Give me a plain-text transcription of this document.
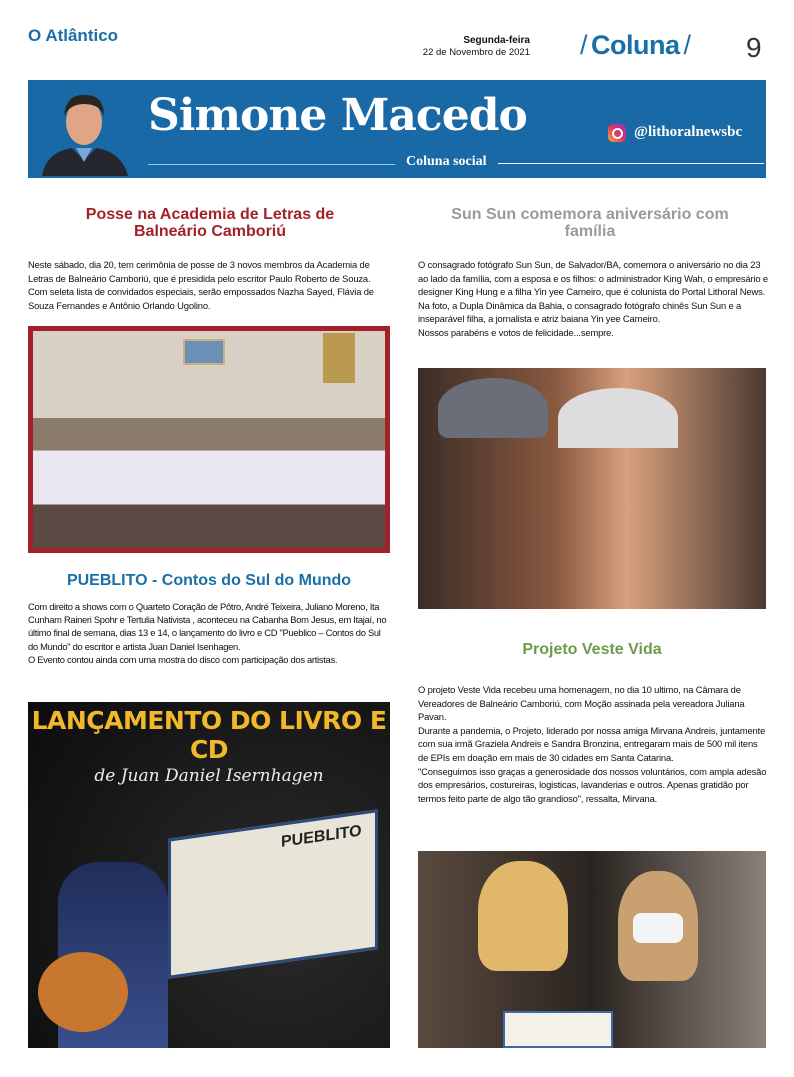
O Atlântico	Segunda-feira
22 de Novembro de 2021 / Coluna / 9
Simone Macedo
Coluna social
@lithoralnewsbc
Posse na Academia de Letras de Balneário Camboriú
Neste sábado, dia 20, tem cerimônia de posse de 3 novos membros da Academia de Letras de Balneário Camboriú, que é presidida pelo escritor Paulo Roberto de Souza. Com seleta lista de convidados especiais, serão empossados Nazha Sayed, Flávia de Souza Fernandes e Antônio Orlando Ugolino.
PUEBLITO - Contos do Sul do Mundo
Com direito a shows com o Quarteto Coração de Pôtro, André Teixeira, Juliano Moreno, Ita Cunham Raineri Spohr e Tertulia Nativista , aconteceu na Cabanha Bom Jesus, em Itajaí, no último final de semana, dias 13 e 14, o lançamento do livro e CD "Pueblico – Contos do Sul do Mundo" do escritor e artista Juan Daniel Isenhagen.
O Evento contou ainda com uma mostra do disco com participação dos artistas.
PUEBLITO
LANÇAMENTO DO LIVRO E CD
de Juan Daniel Isernhagen
Sun Sun comemora aniversário com família
O consagrado fotógrafo Sun Sun, de Salvador/BA, comemora o aniversário no dia 23 ao lado da família, com a esposa e os filhos: o administrador King Wah, o empresário e designer King Hung e a filha Yin yee Carneiro, que é colunista do Portal Lithoral News.
Na foto, a Dupla Dinâmica da Bahia, o consagrado fotógrafo chinês Sun Sun e a inseparável filha, a jornalista e atriz baiana Yin yee Carneiro.
Nossos parabéns e votos de felicidade...sempre.
Projeto Veste Vida
O projeto Veste Vida recebeu uma homenagem, no dia 10 ultimo, na Câmara de Vereadores de Balneário Camboriú, com Moção assinada pela vereadora Juliana Pavan.
Durante a pandemia, o Projeto, liderado por nossa amiga Mirvana Andreis, juntamente com sua irmã Graziela Andreis e Sandra Bronzina, entregaram mais de 500 mil itens de EPIs em doação em mais de 30 cidades em Santa Catarina.
"Conseguimos isso graças a generosidade dos nossos voluntários, com ampla adesão dos empresários, costureiras, logisticas, lavanderias e outros. Apenas gratidão por termos feito parte de algo tão grandioso", ressalta, Mirvana.
